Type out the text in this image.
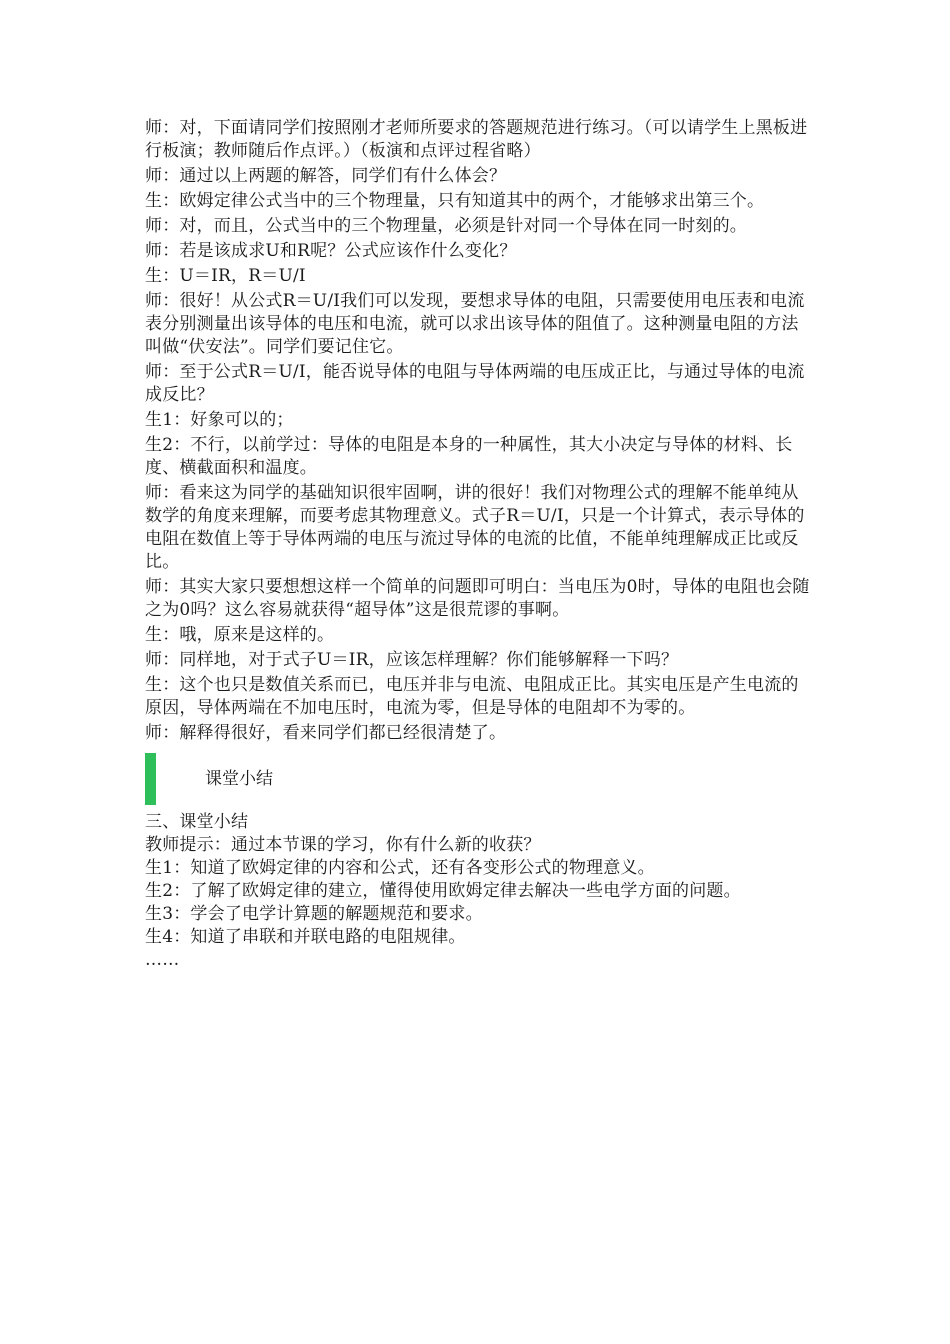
师：对，下面请同学们按照刚才老师所要求的答题规范进行练习。（可以请学生上黑板进行板演；教师随后作点评。）（板演和点评过程省略）

师：通过以上两题的解答，同学们有什么体会？

生：欧姆定律公式当中的三个物理量，只有知道其中的两个，才能够求出第三个。

师：对，而且，公式当中的三个物理量，必须是针对同一个导体在同一时刻的。

师：若是该成求U和R呢？公式应该作什么变化？

生：U＝IR，R＝U/I

师：很好！从公式R＝U/I我们可以发现，要想求导体的电阻，只需要使用电压表和电流表分别测量出该导体的电压和电流，就可以求出该导体的阻值了。这种测量电阻的方法叫做“伏安法”。同学们要记住它。

师：至于公式R＝U/I，能否说导体的电阻与导体两端的电压成正比，与通过导体的电流成反比？

生1：好象可以的；

生2：不行，以前学过：导体的电阻是本身的一种属性，其大小决定与导体的材料、长度、横截面积和温度。

师：看来这为同学的基础知识很牢固啊，讲的很好！我们对物理公式的理解不能单纯从数学的角度来理解，而要考虑其物理意义。式子R＝U/I，只是一个计算式，表示导体的电阻在数值上等于导体两端的电压与流过导体的电流的比值，不能单纯理解成正比或反比。

师：其实大家只要想想这样一个简单的问题即可明白：当电压为0时，导体的电阻也会随之为0吗？这么容易就获得“超导体”这是很荒谬的事啊。

生：哦，原来是这样的。

师：同样地，对于式子U＝IR，应该怎样理解？你们能够解释一下吗？

生：这个也只是数值关系而已，电压并非与电流、电阻成正比。其实电压是产生电流的原因，导体两端在不加电压时，电流为零，但是导体的电阻却不为零的。

师：解释得很好，看来同学们都已经很清楚了。

课堂小结

三、课堂小结

教师提示：通过本节课的学习，你有什么新的收获？

生1：知道了欧姆定律的内容和公式，还有各变形公式的物理意义。

生2：了解了欧姆定律的建立，懂得使用欧姆定律去解决一些电学方面的问题。

生3：学会了电学计算题的解题规范和要求。

生4：知道了串联和并联电路的电阻规律。

……
